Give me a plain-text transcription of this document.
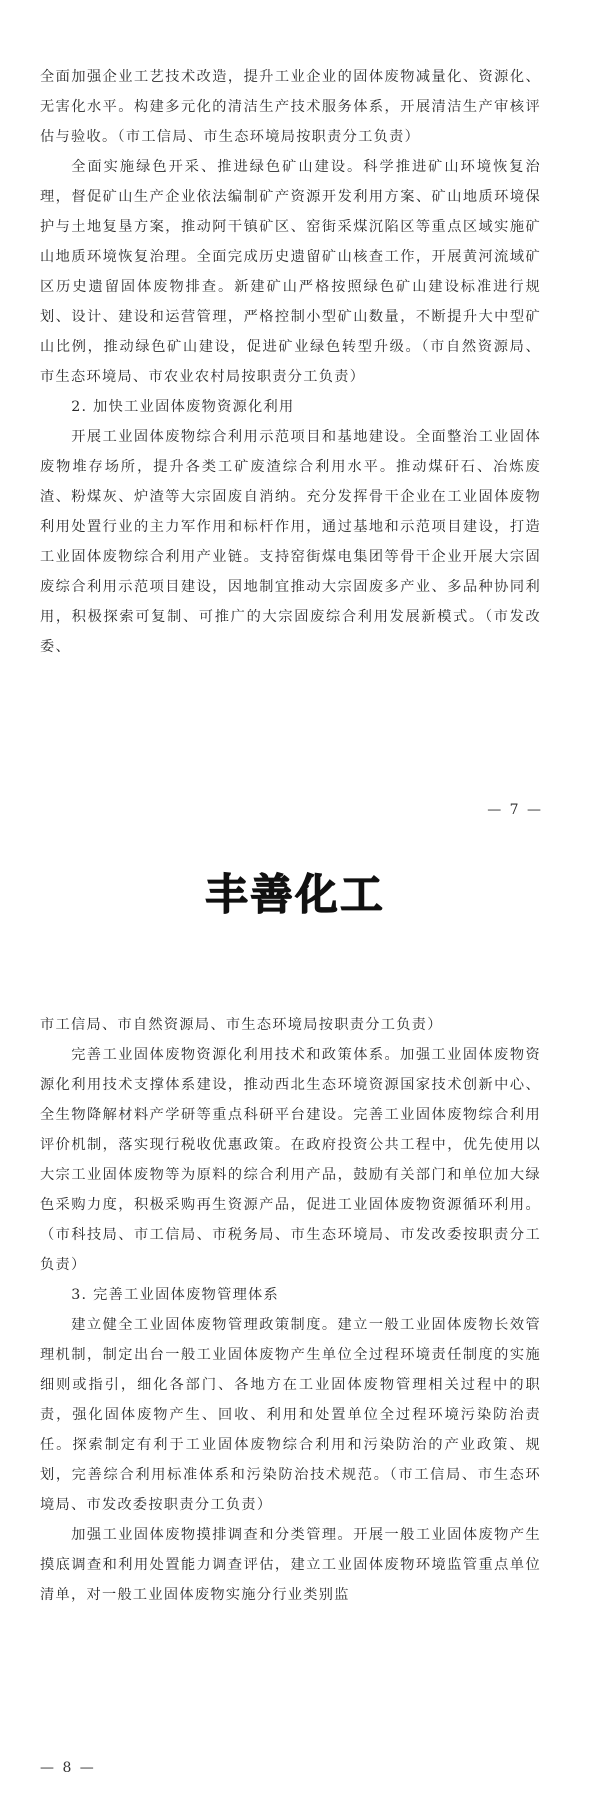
全面加强企业工艺技术改造，提升工业企业的固体废物减量化、资源化、无害化水平。构建多元化的清洁生产技术服务体系，开展清洁生产审核评估与验收。（市工信局、市生态环境局按职责分工负责）

全面实施绿色开采、推进绿色矿山建设。科学推进矿山环境恢复治理，督促矿山生产企业依法编制矿产资源开发利用方案、矿山地质环境保护与土地复垦方案，推动阿干镇矿区、窑街采煤沉陷区等重点区域实施矿山地质环境恢复治理。全面完成历史遗留矿山核查工作，开展黄河流域矿区历史遗留固体废物排查。新建矿山严格按照绿色矿山建设标准进行规划、设计、建设和运营管理，严格控制小型矿山数量，不断提升大中型矿山比例，推动绿色矿山建设，促进矿业绿色转型升级。（市自然资源局、市生态环境局、市农业农村局按职责分工负责）

2. 加快工业固体废物资源化利用

开展工业固体废物综合利用示范项目和基地建设。全面整治工业固体废物堆存场所，提升各类工矿废渣综合利用水平。推动煤矸石、冶炼废渣、粉煤灰、炉渣等大宗固废自消纳。充分发挥骨干企业在工业固体废物利用处置行业的主力军作用和标杆作用，通过基地和示范项目建设，打造工业固体废物综合利用产业链。支持窑街煤电集团等骨干企业开展大宗固废综合利用示范项目建设，因地制宜推动大宗固废多产业、多品种协同利用，积极探索可复制、可推广的大宗固废综合利用发展新模式。（市发改委、

— 7 —
丰善化工

市工信局、市自然资源局、市生态环境局按职责分工负责）

完善工业固体废物资源化利用技术和政策体系。加强工业固体废物资源化利用技术支撑体系建设，推动西北生态环境资源国家技术创新中心、全生物降解材料产学研等重点科研平台建设。完善工业固体废物综合利用评价机制，落实现行税收优惠政策。在政府投资公共工程中，优先使用以大宗工业固体废物等为原料的综合利用产品，鼓励有关部门和单位加大绿色采购力度，积极采购再生资源产品，促进工业固体废物资源循环利用。（市科技局、市工信局、市税务局、市生态环境局、市发改委按职责分工负责）

3. 完善工业固体废物管理体系

建立健全工业固体废物管理政策制度。建立一般工业固体废物长效管理机制，制定出台一般工业固体废物产生单位全过程环境责任制度的实施细则或指引，细化各部门、各地方在工业固体废物管理相关过程中的职责，强化固体废物产生、回收、利用和处置单位全过程环境污染防治责任。探索制定有利于工业固体废物综合利用和污染防治的产业政策、规划，完善综合利用标准体系和污染防治技术规范。（市工信局、市生态环境局、市发改委按职责分工负责）

加强工业固体废物摸排调查和分类管理。开展一般工业固体废物产生摸底调查和利用处置能力调查评估，建立工业固体废物环境监管重点单位清单，对一般工业固体废物实施分行业类别监

— 8 —
